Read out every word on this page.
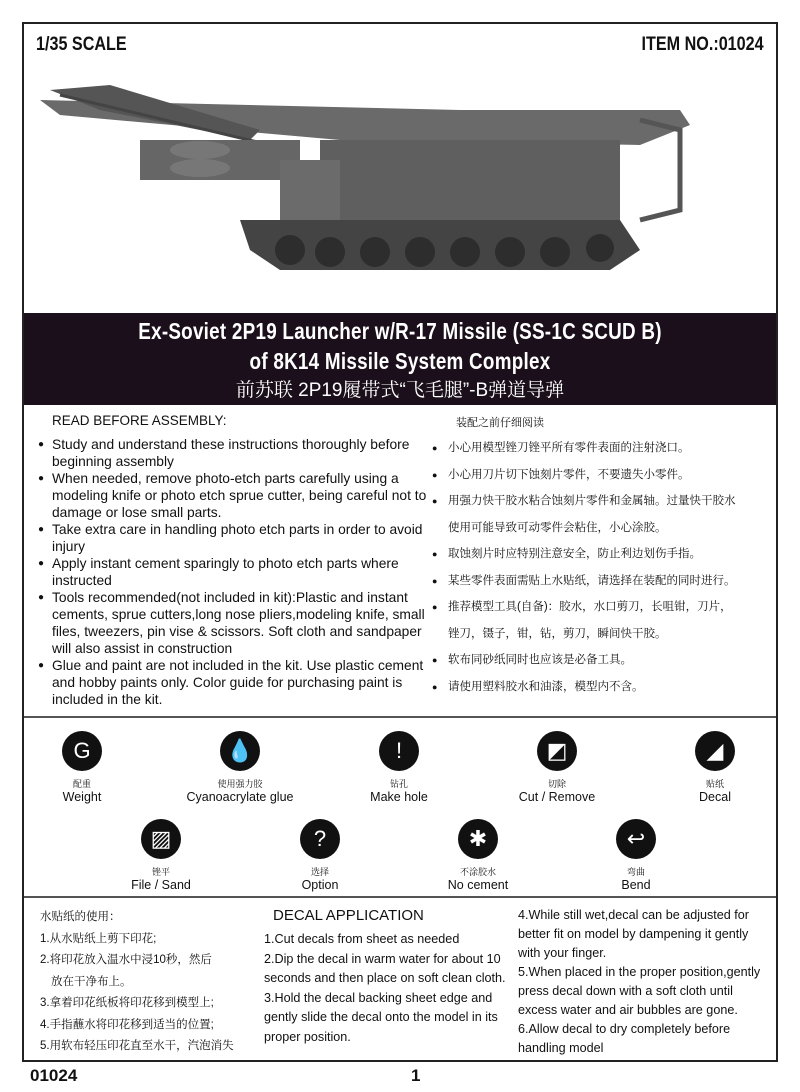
1/35 SCALE	ITEM NO.:01024
Ex-Soviet 2P19 Launcher w/R-17 Missile (SS-1C SCUD B)
of 8K14 Missile System Complex
前苏联 2P19履带式“飞毛腿”-B弹道导弹
READ BEFORE ASSEMBLY:
● Study and understand these instructions thoroughly before beginning assembly
● When needed, remove photo-etch parts carefully using a modeling knife or photo etch sprue cutter, being careful not to damage or lose small parts.
● Take extra care in handling photo etch parts in order to avoid injury
● Apply instant cement sparingly to photo etch parts where instructed
● Tools recommended(not included in kit):Plastic and instant cements, sprue cutters,long nose pliers,modeling knife, small files, tweezers, pin vise & scissors. Soft cloth and sandpaper will also assist in construction
● Glue and paint are not included in the kit. Use plastic cement and hobby paints only. Color guide for purchasing paint is included in the kit.
装配之前仔细阅读
● 小心用模型锉刀锉平所有零件表面的注射浇口。
● 小心用刀片切下蚀刻片零件，不要遗失小零件。
● 用强力快干胶水粘合蚀刻片零件和金属轴。过量快干胶水
使用可能导致可动零件会粘住，小心涂胶。
● 取蚀刻片时应特别注意安全，防止利边划伤手指。
● 某些零件表面需贴上水贴纸，请选择在装配的同时进行。
● 推荐模型工具(自备)：胶水，水口剪刀，长咀钳，刀片，
锉刀，镊子，钳，钻，剪刀，瞬间快干胶。
● 软布同砂纸同时也应该是必备工具。
● 请使用塑料胶水和油漆，模型内不含。
G
配重
Weight
💧
使用强力胶
Cyanoacrylate glue
!
钻孔
Make hole
◩
切除
Cut / Remove
◢
贴纸
Decal
▨
锉平
File / Sand
?
选择
Option
✱
不涂胶水
No cement
↩
弯曲
Bend
水贴纸的使用：
1.从水贴纸上剪下印花;
2.将印花放入温水中浸10秒，然后
放在干净布上。
3.拿着印花纸板将印花移到模型上;
4.手指蘸水将印花移到适当的位置;
5.用软布轻压印花直至水干，汽泡消失
DECAL APPLICATION
1.Cut decals from sheet as needed
2.Dip the decal in warm water for about 10 seconds and then place on soft clean cloth.
3.Hold the decal backing sheet edge and gently slide the decal onto the model in its proper position.
4.While still wet,decal can be adjusted for better fit on model by dampening it gently with your finger.
5.When placed in the proper position,gently press decal down with a soft cloth until excess water and air bubbles are gone.
6.Allow decal to dry completely before handling model
01024	1
